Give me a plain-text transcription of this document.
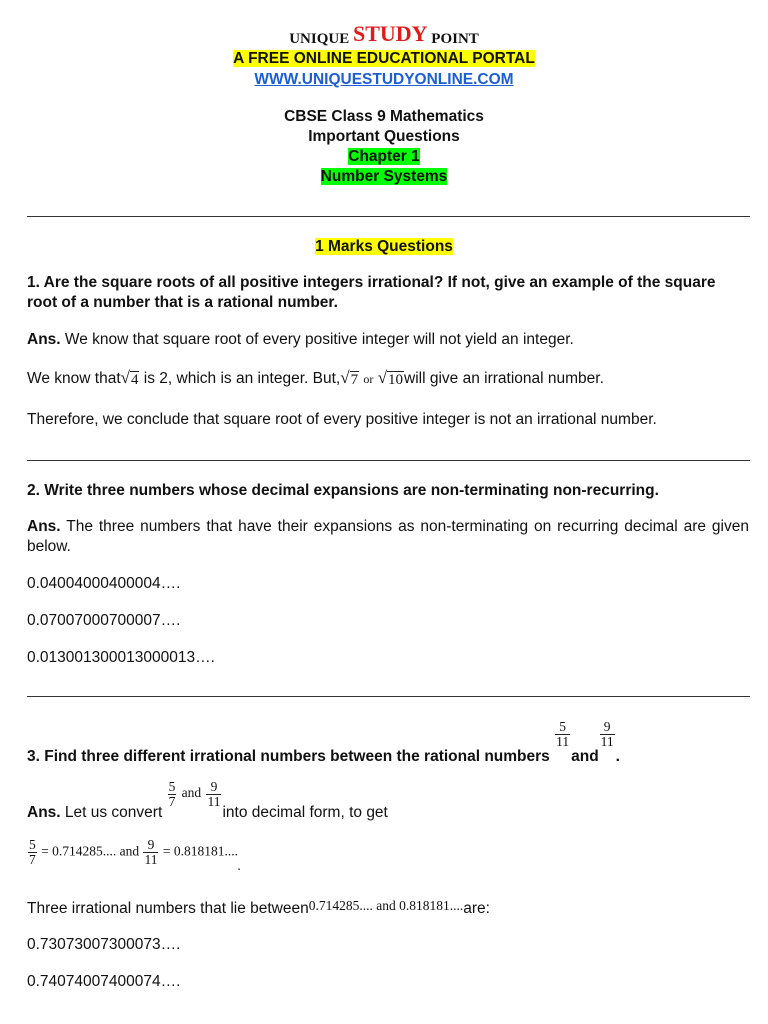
UNIQUE STUDY POINT
A FREE ONLINE EDUCATIONAL PORTAL
WWW.UNIQUESTUDYONLINE.COM
CBSE Class 9 Mathematics
Important Questions
Chapter 1
Number Systems
1 Marks Questions
1. Are the square roots of all positive integers irrational? If not, give an example of the square root of a number that is a rational number.
Ans. We know that square root of every positive integer will not yield an integer.
We know that √ 4 is 2, which is an integer. But, √ 7 or √ 10 will give an irrational number.
Therefore, we conclude that square root of every positive integer is not an irrational number.
2. Write three numbers whose decimal expansions are non-terminating non-recurring.
Ans. The three numbers that have their expansions as non-terminating on recurring decimal are given below.
0.04004000400004….
0.07007000700007….
0.013001300013000013….
3. Find three different irrational numbers between the rational numbers
$\frac{5}{11}$
and
$\frac{9}{11}$
.
Ans. Let us convert
$\frac{5}{7}$ and $\frac{9}{11}$
into decimal form, to get
$\frac{5}{7} = 0.714285$.... and $\frac{9}{11} = 0.818181$.... .
Three irrational numbers that lie between0.714285.... and 0.818181....are:
0.73073007300073….
0.74074007400074….
